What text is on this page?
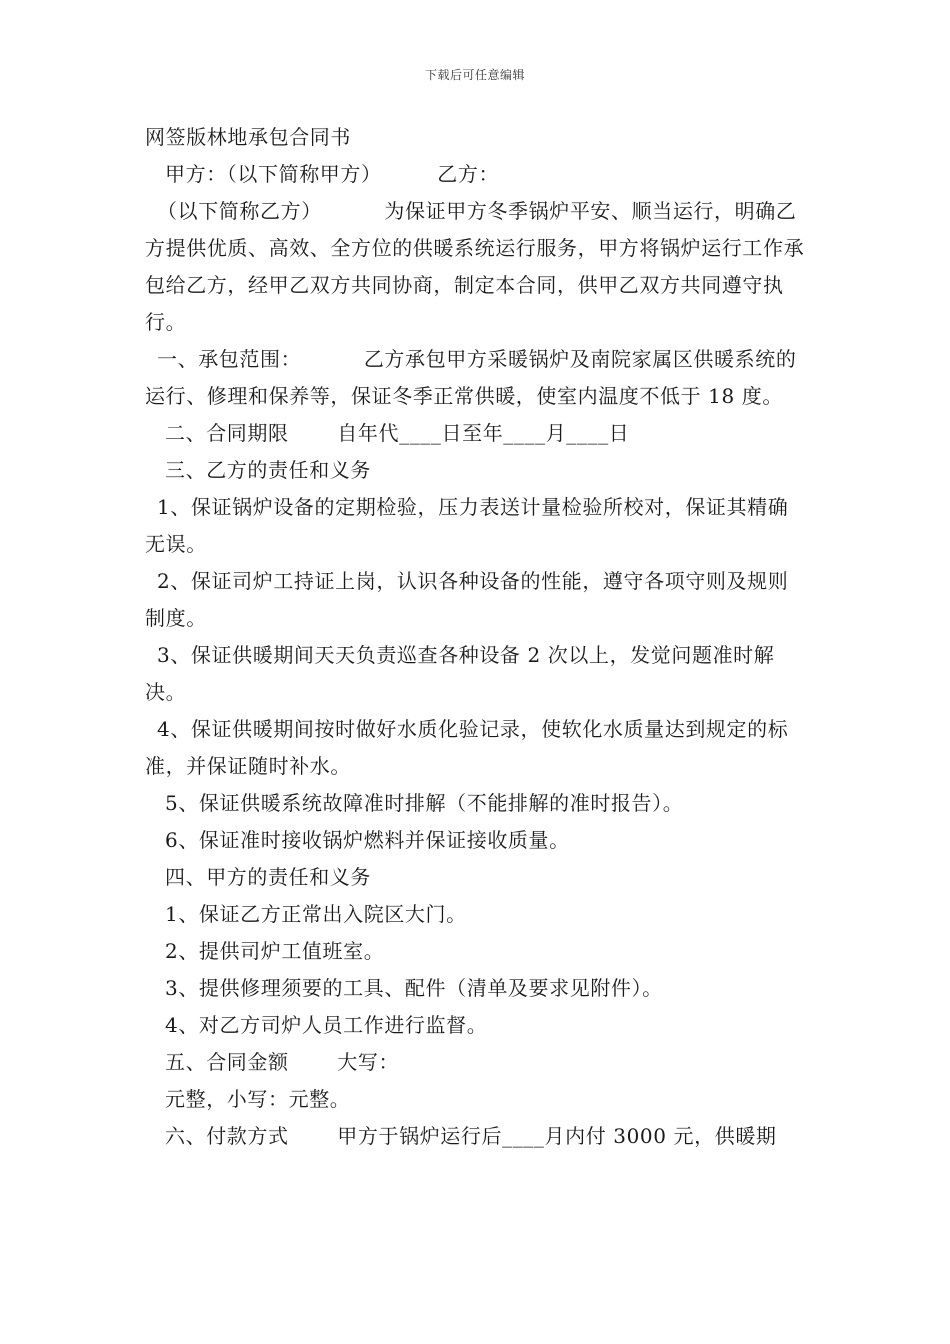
下载后可任意编辑

网签版林地承包合同书

甲方：（以下简称甲方）        乙方：

（以下简称乙方）         为保证甲方冬季锅炉平安、顺当运行，明确乙方提供优质、高效、全方位的供暖系统运行服务，甲方将锅炉运行工作承包给乙方，经甲乙双方共同协商，制定本合同，供甲乙双方共同遵守执行。

一、承包范围：         乙方承包甲方采暖锅炉及南院家属区供暖系统的运行、修理和保养等，保证冬季正常供暖，使室内温度不低于 18 度。

二、合同期限       自年代____日至年____月____日

三、乙方的责任和义务

1、保证锅炉设备的定期检验，压力表送计量检验所校对，保证其精确无误。

2、保证司炉工持证上岗，认识各种设备的性能，遵守各项守则及规则制度。

3、保证供暖期间天天负责巡查各种设备 2 次以上，发觉问题准时解决。

4、保证供暖期间按时做好水质化验记录，使软化水质量达到规定的标准，并保证随时补水。

5、保证供暖系统故障准时排解（不能排解的准时报告）。

6、保证准时接收锅炉燃料并保证接收质量。

四、甲方的责任和义务

1、保证乙方正常出入院区大门。

2、提供司炉工值班室。

3、提供修理须要的工具、配件（清单及要求见附件）。

4、对乙方司炉人员工作进行监督。

五、合同金额       大写：

元整，小写：元整。

六、付款方式       甲方于锅炉运行后____月内付 3000 元，供暖期
